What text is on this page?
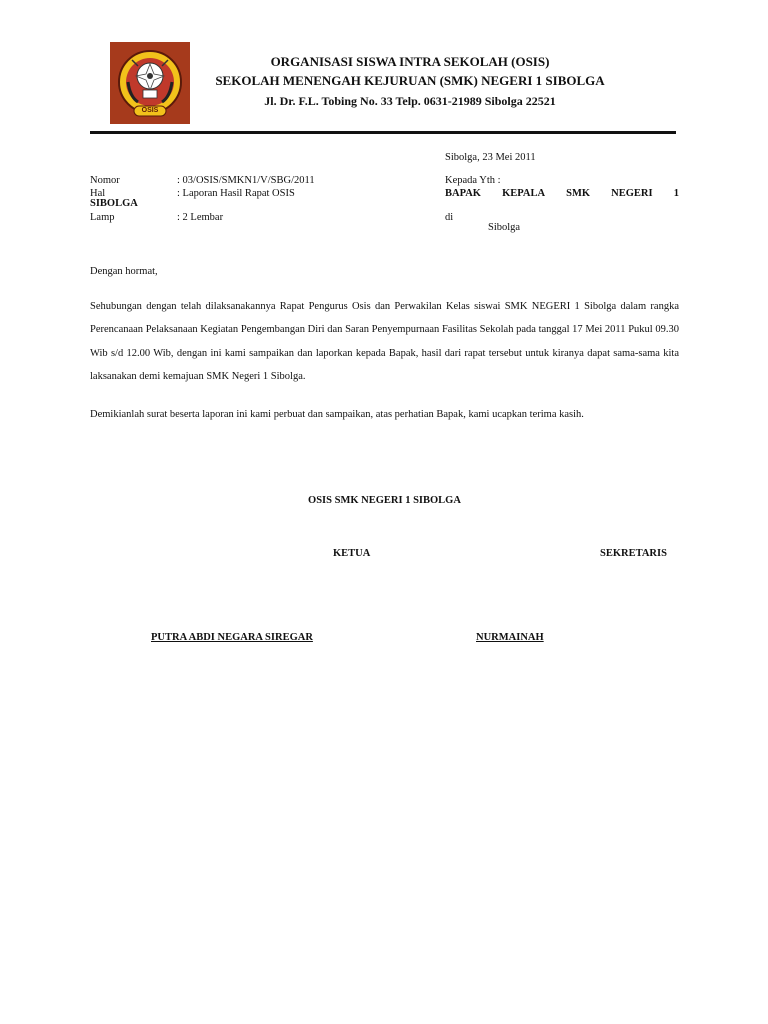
OSIS
ORGANISASI SISWA INTRA SEKOLAH (OSIS)
SEKOLAH MENENGAH KEJURUAN (SMK) NEGERI 1 SIBOLGA
Jl. Dr. F.L. Tobing No. 33 Telp. 0631-21989 Sibolga 22521
Sibolga, 23 Mei 2011
Nomor	: 03/OSIS/SMKN1/V/SBG/2011
Hal	: Laporan Hasil Rapat OSIS
SIBOLGA
Lamp	: 2 Lembar
Kepada Yth :
BAPAK KEPALA SMK NEGERI 1
di
Sibolga
Dengan hormat,
Sehubungan dengan telah dilaksanakannya Rapat Pengurus Osis dan Perwakilan Kelas siswai SMK NEGERI 1 Sibolga dalam rangka Perencanaan Pelaksanaan Kegiatan Pengembangan Diri dan Saran Penyempurnaan Fasilitas Sekolah pada tanggal 17 Mei 2011 Pukul 09.30 Wib s/d 12.00 Wib, dengan ini kami sampaikan dan laporkan kepada Bapak, hasil dari rapat tersebut untuk kiranya dapat sama-sama kita laksanakan demi kemajuan SMK Negeri 1 Sibolga.
Demikianlah surat beserta laporan ini kami perbuat dan sampaikan, atas perhatian Bapak, kami ucapkan terima kasih.
OSIS SMK NEGERI 1 SIBOLGA
KETUA	SEKRETARIS
PUTRA ABDI NEGARA SIREGAR	NURMAINAH
